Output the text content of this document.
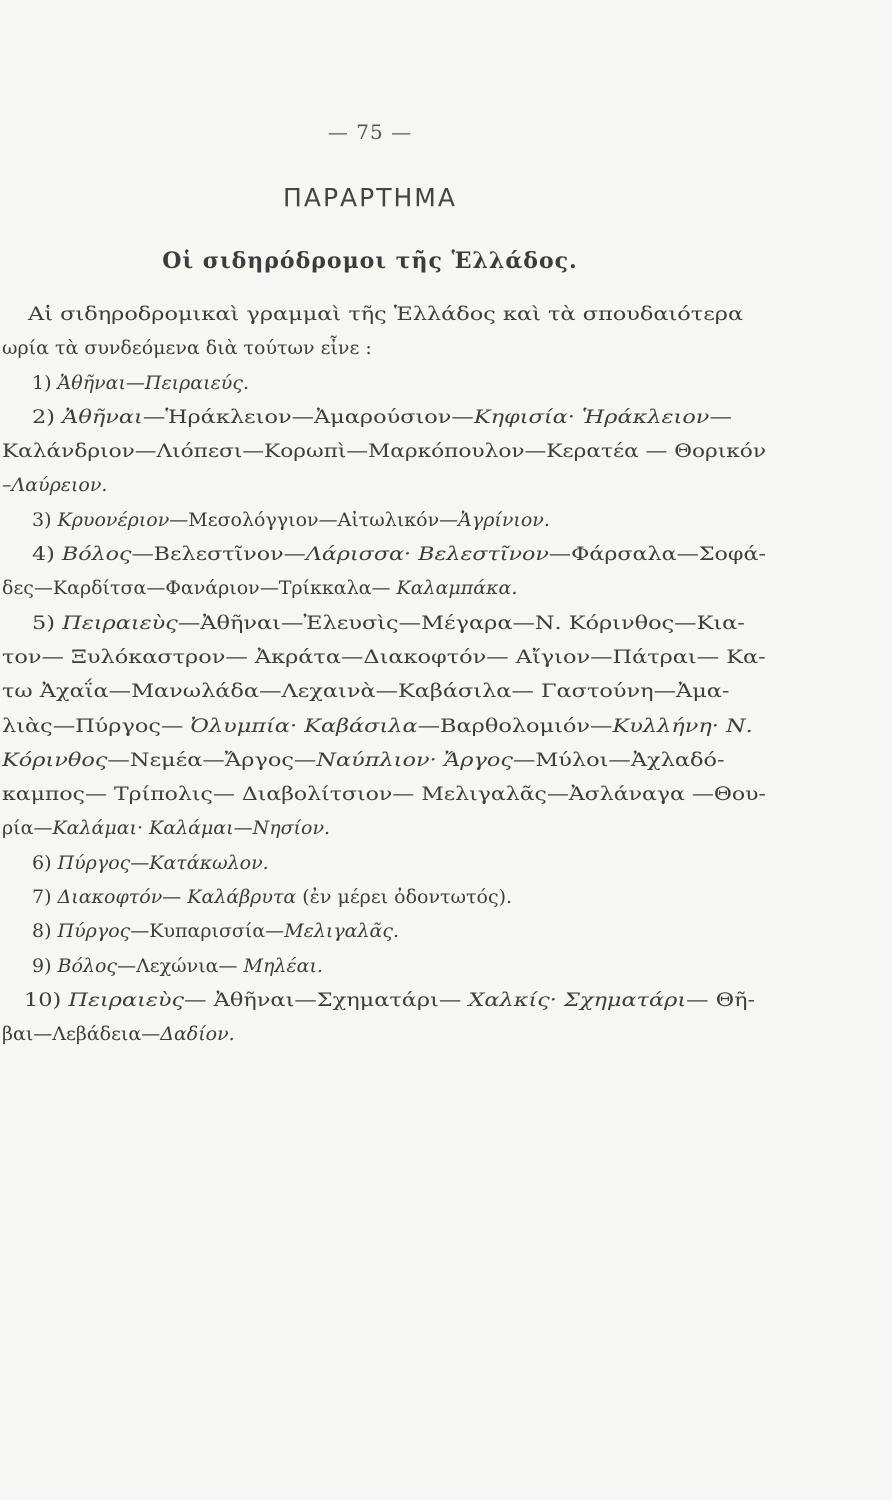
— 75 —
ΠΑΡΑΡΤΗΜΑ
Οἱ σιδηρόδρομοι τῆς Ἑλλάδος.
Αἱ σιδηροδρομικαὶ γραμμαὶ τῆς Ἑλλάδος καὶ τὰ σπουδαιότερα
ωρία τὰ συνδεόμενα διὰ τούτων εἶνε :
1) Ἀθῆναι—Πειραιεύς.
2) Ἀθῆναι—Ἡράκλειον—Ἀμαρούσιον—Κηφισία· Ἡράκλειον—
Καλάνδριον—Λιόπεσι—Κορωπὶ—Μαρκόπουλον—Κερατέα — Θορικόν
–Λαύρειον.
3) Κρυονέριον—Μεσολόγγιον—Αἰτωλικόν—Ἀγρίνιον.
4) Βόλος—Βελεστῖνον—Λάρισσα· Βελεστῖνον—Φάρσαλα—Σοφά-
δες—Καρδίτσα—Φανάριον—Τρίκκαλα— Καλαμπάκα.
5) Πειραιεὺς—Ἀθῆναι—Ἐλευσὶς—Μέγαρα—Ν. Κόρινθος—Κια-
τον— Ξυλόκαστρον— Ἀκράτα—Διακοφτόν— Αἴγιον—Πάτραι— Κα-
τω Ἀχαΐα—Μανωλάδα—Λεχαινὰ—Καβάσιλα— Γαστούνη—Ἀμα-
λιὰς—Πύργος— Ὀλυμπία· Καβάσιλα—Βαρθολομιόν—Κυλλήνη· Ν.
Κόρινθος—Νεμέα—Ἄργος—Ναύπλιον· Ἄργος—Μύλοι—Ἀχλαδό-
καμπος— Τρίπολις— Διαβολίτσιον— Μελιγαλᾶς—Ἀσλάναγα —Θου-
ρία—Καλάμαι· Καλάμαι—Νησίον.
6) Πύργος—Κατάκωλον.
7) Διακοφτόν— Καλάβρυτα (ἐν μέρει ὀδοντωτός).
8) Πύργος—Κυπαρισσία—Μελιγαλᾶς.
9) Βόλος—Λεχώνια— Μηλέαι.
10) Πειραιεὺς— Ἀθῆναι—Σχηματάρι— Χαλκίς· Σχηματάρι— Θῆ-
βαι—Λεβάδεια—Δαδίον.
